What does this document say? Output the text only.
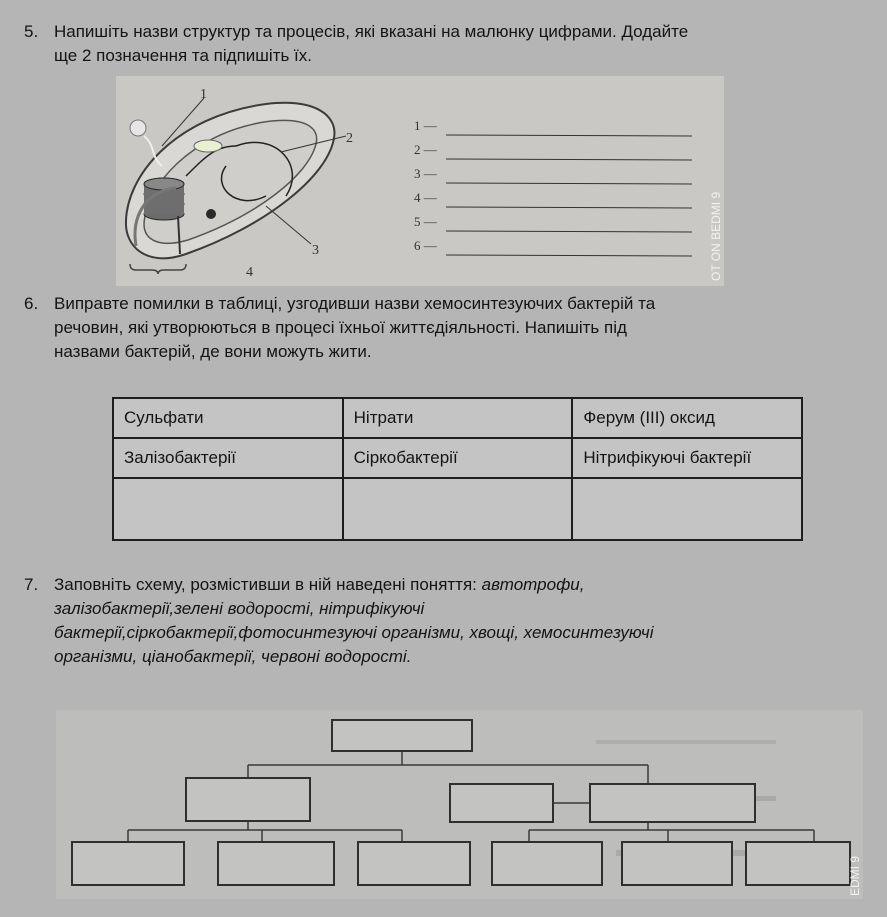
5. Напишіть назви структур та процесів, які вказані на малюнку цифрами. Додайте
ще 2 позначення та підпишіть їх.
1
2
3
4
1 —
2 —
3 —
4 —
5 —
6 —	OT ON BEDMI 9
6. Виправте помилки в таблиці, узгодивши назви хемосинтезуючих бактерій та
речовин, які утворюються в процесі їхньої життєдіяльності. Напишіть під
назвами бактерій, де вони можуть жити.
Сульфати	Нітрати	Ферум (ІІІ) оксид
Залізобактерії	Сіркобактерії	Нітрифікуючі бактерії

7. Заповніть схему, розмістивши в ній наведені поняття: автотрофи,
залізобактерії,зелені водорості, нітрифікуючі
бактерії,сіркобактерії,фотосинтезуючі організми, хвощі, хемосинтезуючі
організми, ціанобактерії, червоні водорості.
EDMI 9
